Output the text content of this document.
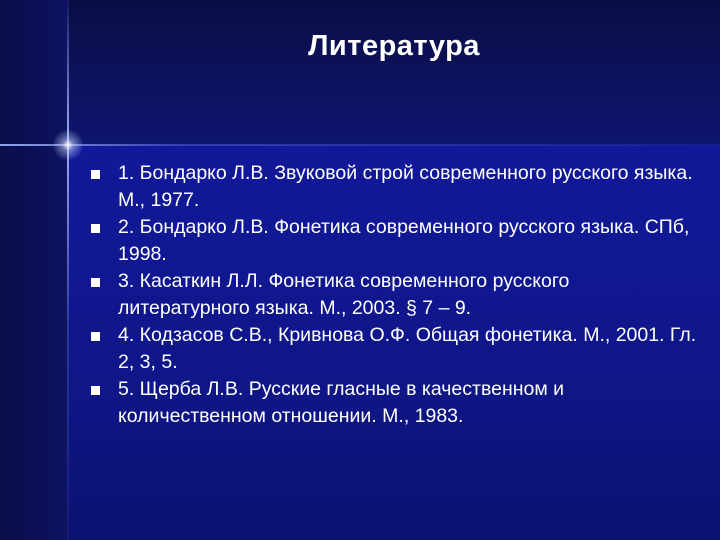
Литература
1. Бондарко Л.В. Звуковой строй современного русского языка. М., 1977.
2. Бондарко Л.В. Фонетика современного русского языка. СПб, 1998.
3. Касаткин Л.Л. Фонетика современного русского литературного языка. М., 2003. § 7 – 9.
4. Кодзасов С.В., Кривнова О.Ф. Общая фонетика. М., 2001. Гл. 2, 3, 5.
5. Щерба Л.В. Русские гласные в качественном и количественном отношении. М., 1983.
